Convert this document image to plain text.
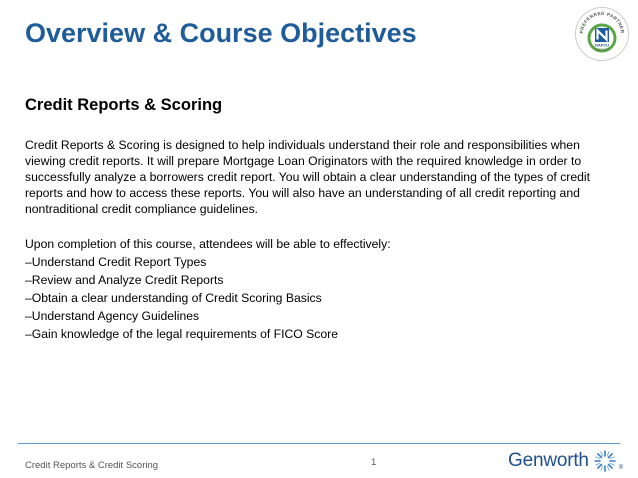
Overview & Course Objectives	PREFERRED PARTNER
NAFCU
SERVICES
Credit Reports & Scoring

Credit Reports & Scoring is designed to help individuals understand their role and responsibilities when viewing credit reports. It will prepare Mortgage Loan Originators with the required knowledge in order to successfully analyze a borrowers credit report. You will obtain a clear understanding of the types of credit reports and how to access these reports. You will also have an understanding of all credit reporting and nontraditional credit compliance guidelines.

Upon completion of this course, attendees will be able to effectively:

–Understand Credit Report Types
–Review and Analyze Credit Reports
–Obtain a clear understanding of Credit Scoring Basics
–Understand Agency Guidelines
–Gain knowledge of the legal requirements of FICO Score
Credit Reports & Credit Scoring	1	Genworth	®
